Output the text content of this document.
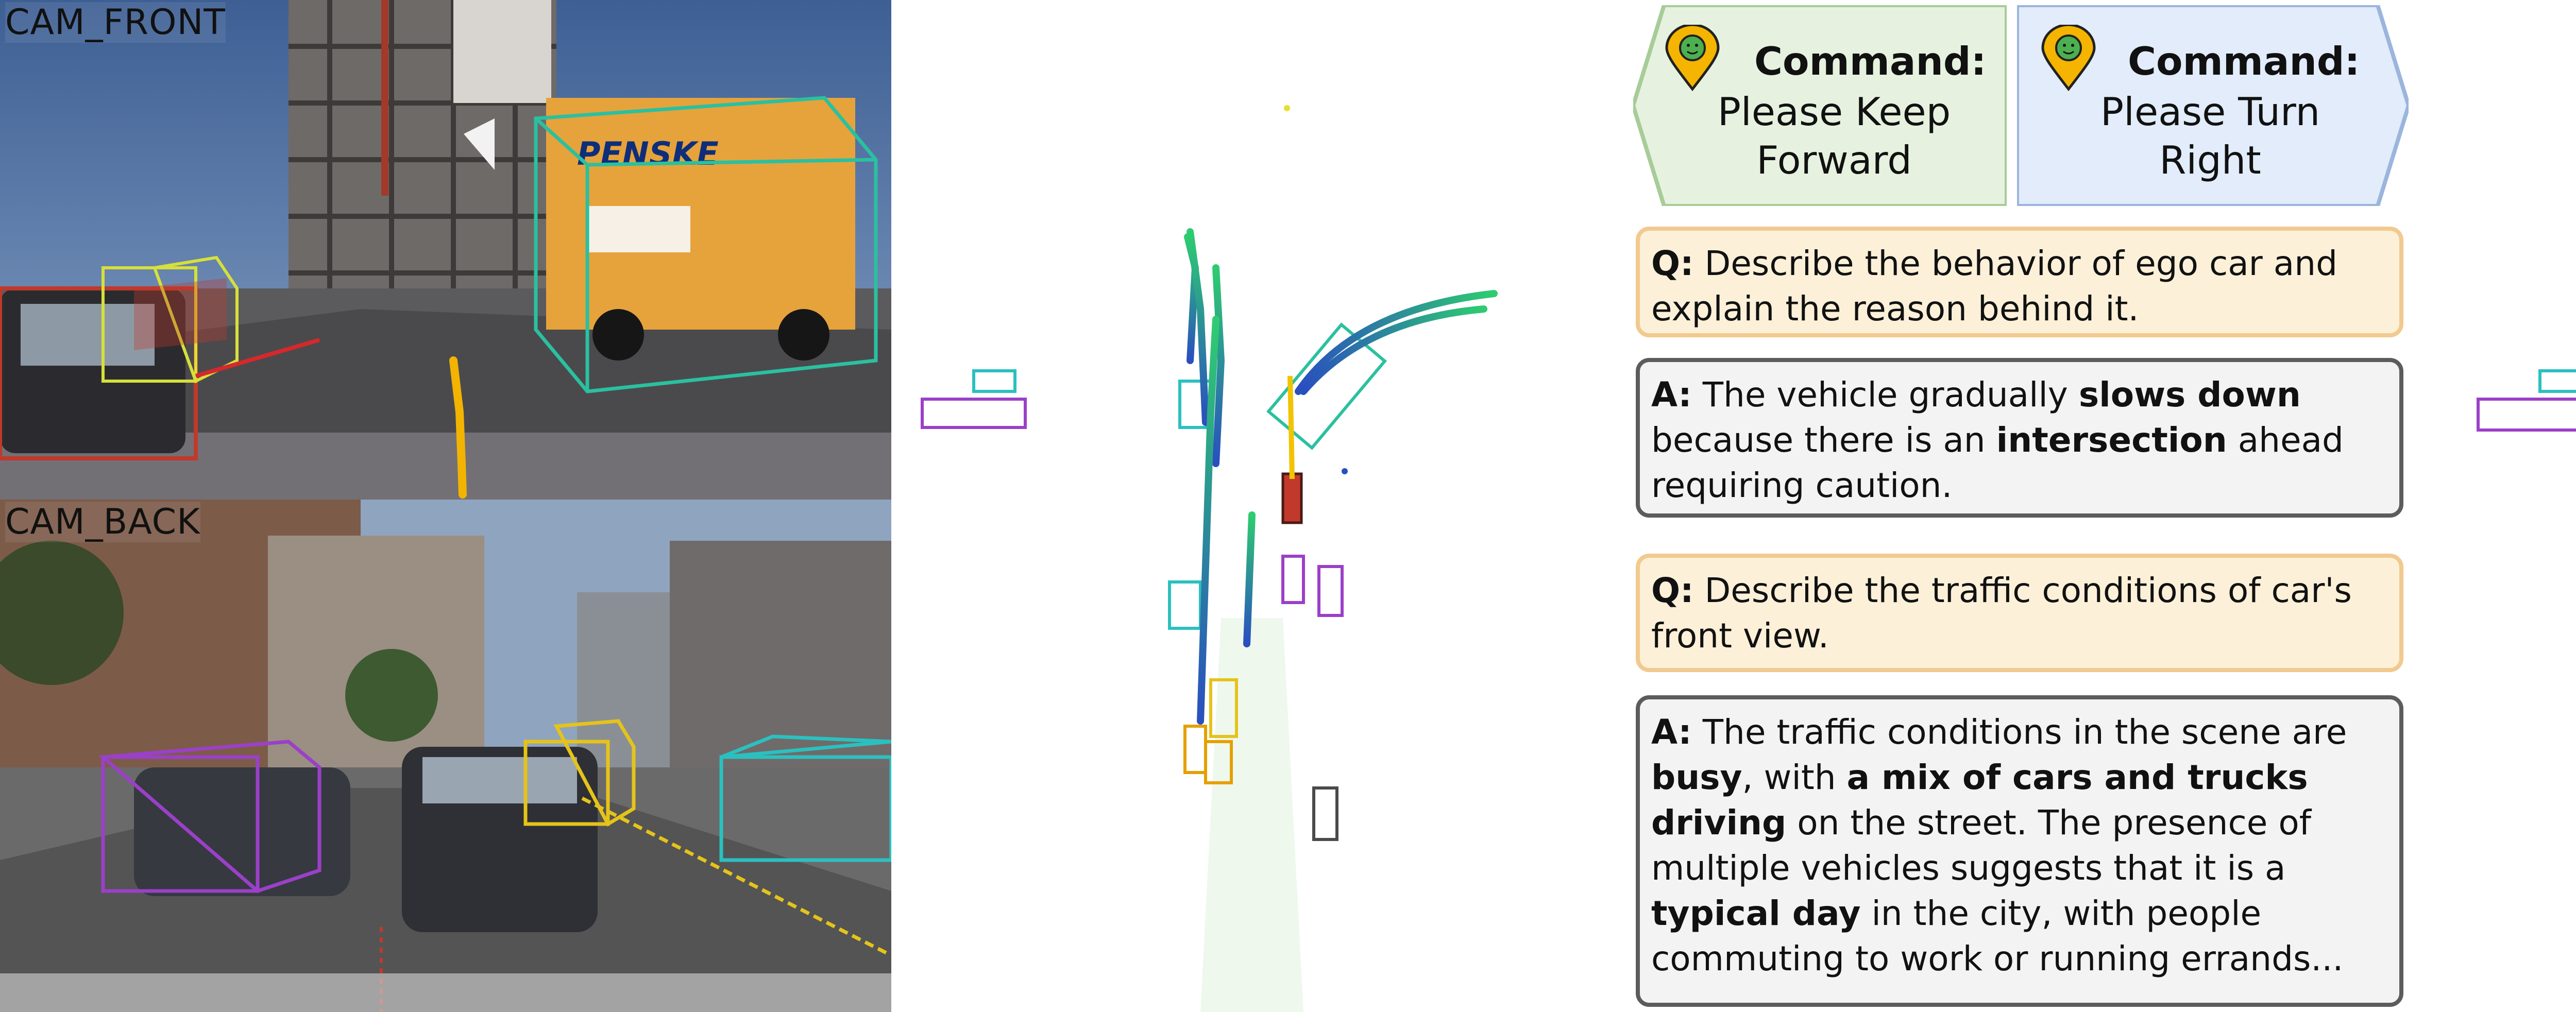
PENSKE
CAM_FRONT
CAM_BACK
Command:
Please Keep Forward
Command:
Please Turn Right
Q: Describe the behavior of ego car and explain the reason behind it.
A: The vehicle gradually slows down because there is an intersection ahead requiring caution.
Q: Describe the traffic conditions of car's front view.
A: The traffic conditions in the scene are busy, with a mix of cars and trucks driving on the street. The presence of multiple vehicles suggests that it is a typical day in the city, with people commuting to work or running errands...
